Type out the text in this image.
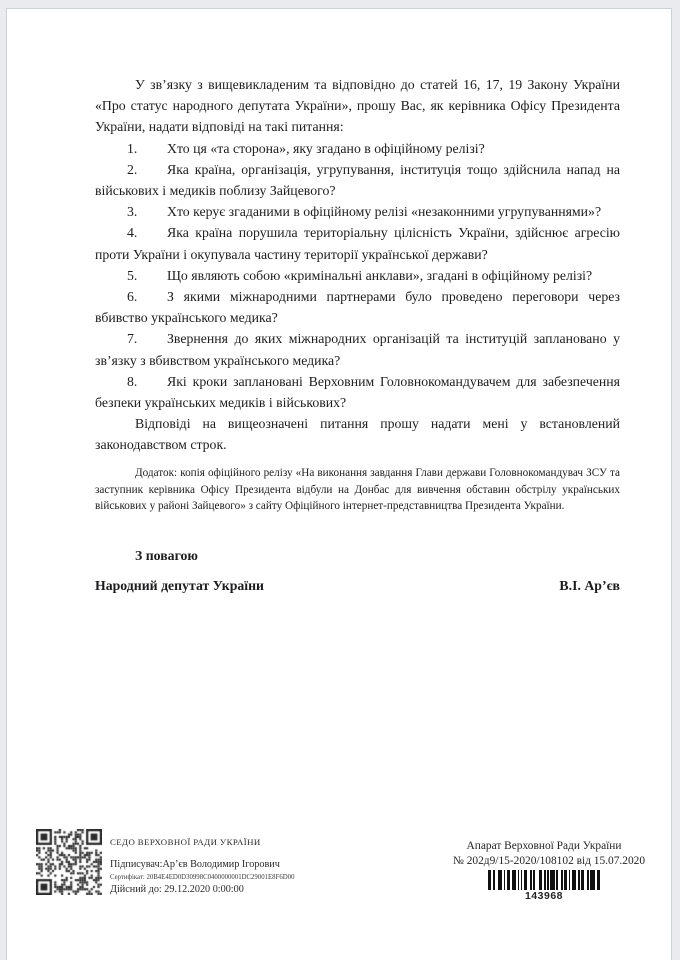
У зв’язку з вищевикладеним та відповідно до статей 16, 17, 19 Закону України «Про статус народного депутата України», прошу Вас, як керівника Офісу Президента України, надати відповіді на такі питання:

1. Хто ця «та сторона», яку згадано в офіційному релізі?

2. Яка країна, організація, угрупування, інституція тощо здійснила напад на військових і медиків поблизу Зайцевого?

3. Хто керує згаданими в офіційному релізі «незаконними угрупуваннями»?

4. Яка країна порушила територіальну цілісність України, здійснює агресію проти України і окупувала частину території української держави?

5. Що являють собою «кримінальні анклави», згадані в офіційному релізі?

6. З якими міжнародними партнерами було проведено переговори через вбивство українського медика?

7. Звернення до яких міжнародних організацій та інституцій заплановано у зв’язку з вбивством українського медика?

8. Які кроки заплановані Верховним Головнокомандувачем для забезпечення безпеки українських медиків і військових?

Відповіді на вищеозначені питання прошу надати мені у встановлений законодавством строк.

Додаток: копія офіційного релізу «На виконання завдання Глави держави Головнокомандувач ЗСУ та заступник керівника Офісу Президента відбули на Донбас для вивчення обставин обстрілу українських військових у районі Зайцевого» з сайту Офіційного інтернет-представництва Президента України.

З повагою

Народний депутат України	В.І. Ар’єв
СЕДО ВЕРХОВНОЇ РАДИ УКРАЇНИ
Підписувач:Ар’єв Володимир Ігорович
Сертифікат: 20B4E4ED0D30998C0400000001DC29001E8F6D00
Дійсний до: 29.12.2020 0:00:00
Апарат Верховної Ради України
№ 202д9/15-2020/108102 від 15.07.2020
143968
